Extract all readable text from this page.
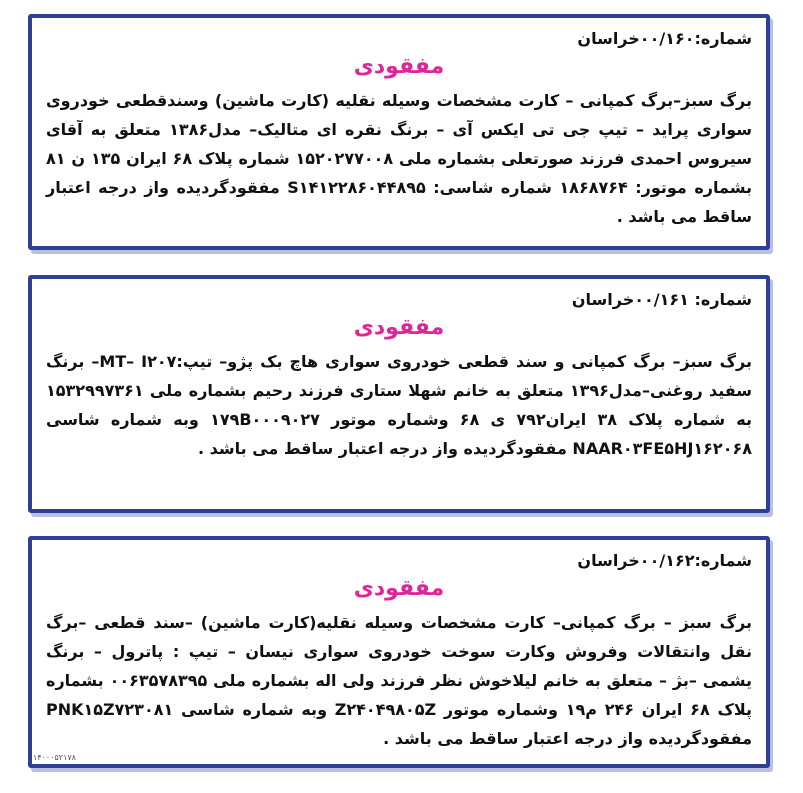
شماره:۰۰/۱۶۰خراسان
مفقودی

برگ سبز–برگ کمپانی – کارت مشخصات وسیله نقلیه (کارت ماشین) وسندقطعی خودروی سواری پراید – تیپ جی تی ایکس آی – برنگ نقره ای متالیک– مدل۱۳۸۶ متعلق به آقای سیروس احمدی فرزند صورتعلی بشماره ملی ۱۵۲۰۲۷۷۰۰۸ شماره پلاک ۶۸ ایران ۱۳۵ ن ۸۱ بشماره موتور: ۱۸۶۸۷۶۴ شماره شاسی: S۱۴۱۲۲۸۶۰۴۴۸۹۵ مفقودگردیده واز درجه اعتبار ساقط می باشد .

شماره: ۰۰/۱۶۱خراسان
مفقودی

برگ سبز– برگ کمپانی و سند قطعی خودروی سواری هاچ بک پژو– تیپ:MT– I۲۰۷– برنگ سفید روغنی–مدل۱۳۹۶ متعلق به خانم شهلا ستاری فرزند رحیم بشماره ملی ۱۵۳۲۹۹۷۳۶۱ به شماره پلاک ۳۸ ایران۷۹۲ ی ۶۸ وشماره موتور ۱۷۹B۰۰۰۹۰۲۷ وبه شماره شاسی NAAR۰۳FE۵HJ۱۶۲۰۶۸ مفقودگردیده واز درجه اعتبار ساقط می باشد .

شماره:۰۰/۱۶۲خراسان
مفقودی

برگ سبز – برگ کمپانی– کارت مشخصات وسیله نقلیه(کارت ماشین) –سند قطعی –برگ نقل وانتقالات وفروش وکارت سوخت خودروی سواری نیسان – تیپ : پاترول – برنگ یشمی –بژ – متعلق به خانم لیلاخوش نظر فرزند ولی اله بشماره ملی ۰۰۶۳۵۷۸۳۹۵ بشماره پلاک ۶۸ ایران ۲۴۶ م۱۹ وشماره موتور Z۲۴۰۴۹۸۰۵Z وبه شماره شاسی PNK۱۵Z۷۲۳۰۸۱ مفقودگردیده واز درجه اعتبار ساقط می باشد .

۱۴۰۰۰۵۲۱۷۸
